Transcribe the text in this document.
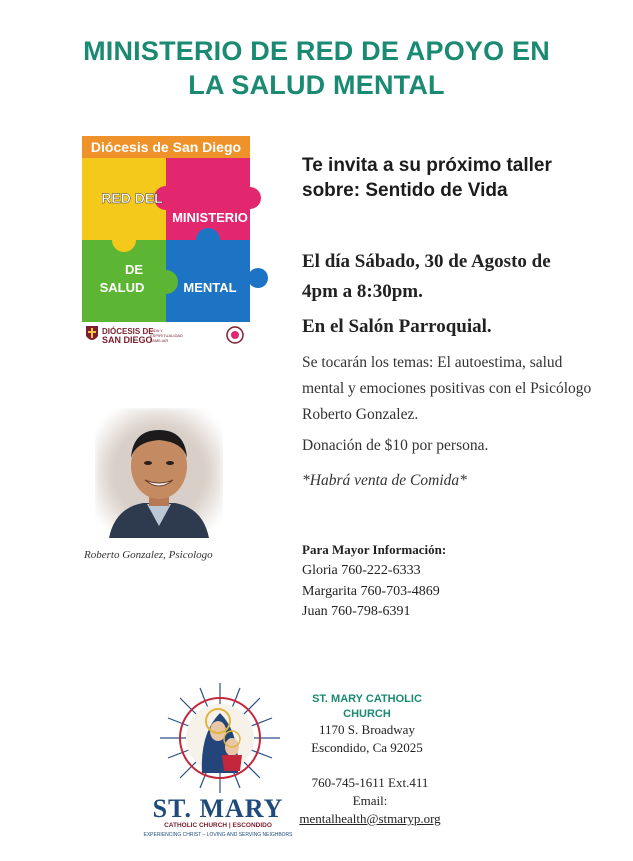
MINISTERIO DE RED DE APOYO EN
LA SALUD MENTAL
Diócesis de San Diego
RED DEL
MINISTERIO
DE
SALUD	MENTAL
DIÓCESIS DE
SAN DIEGO
VIDA Y ESPIRITUALIDAD FAMILIAR
Te invita a su próximo taller
sobre: Sentido de Vida
El día Sábado, 30 de Agosto de
4pm a 8:30pm.
En el Salón Parroquial.
Se tocarán los temas: El autoestima, salud mental y emociones positivas con el Psicólogo Roberto Gonzalez.
Donación de $10 por persona.
*Habrá venta de Comida*
Roberto Gonzalez, Psicologo	Para Mayor Información:
Gloria 760-222-6333
Margarita 760-703-4869
Juan 760-798-6391
ST. MARY
CATHOLIC CHURCH | ESCONDIDO
EXPERIENCING CHRIST – LOVING AND SERVING NEIGHBORS
ST. MARY CATHOLIC
CHURCH
1170 S. Broadway
Escondido, Ca 92025
760-745-1611 Ext.411
Email:
mentalhealth@stmaryp.org
